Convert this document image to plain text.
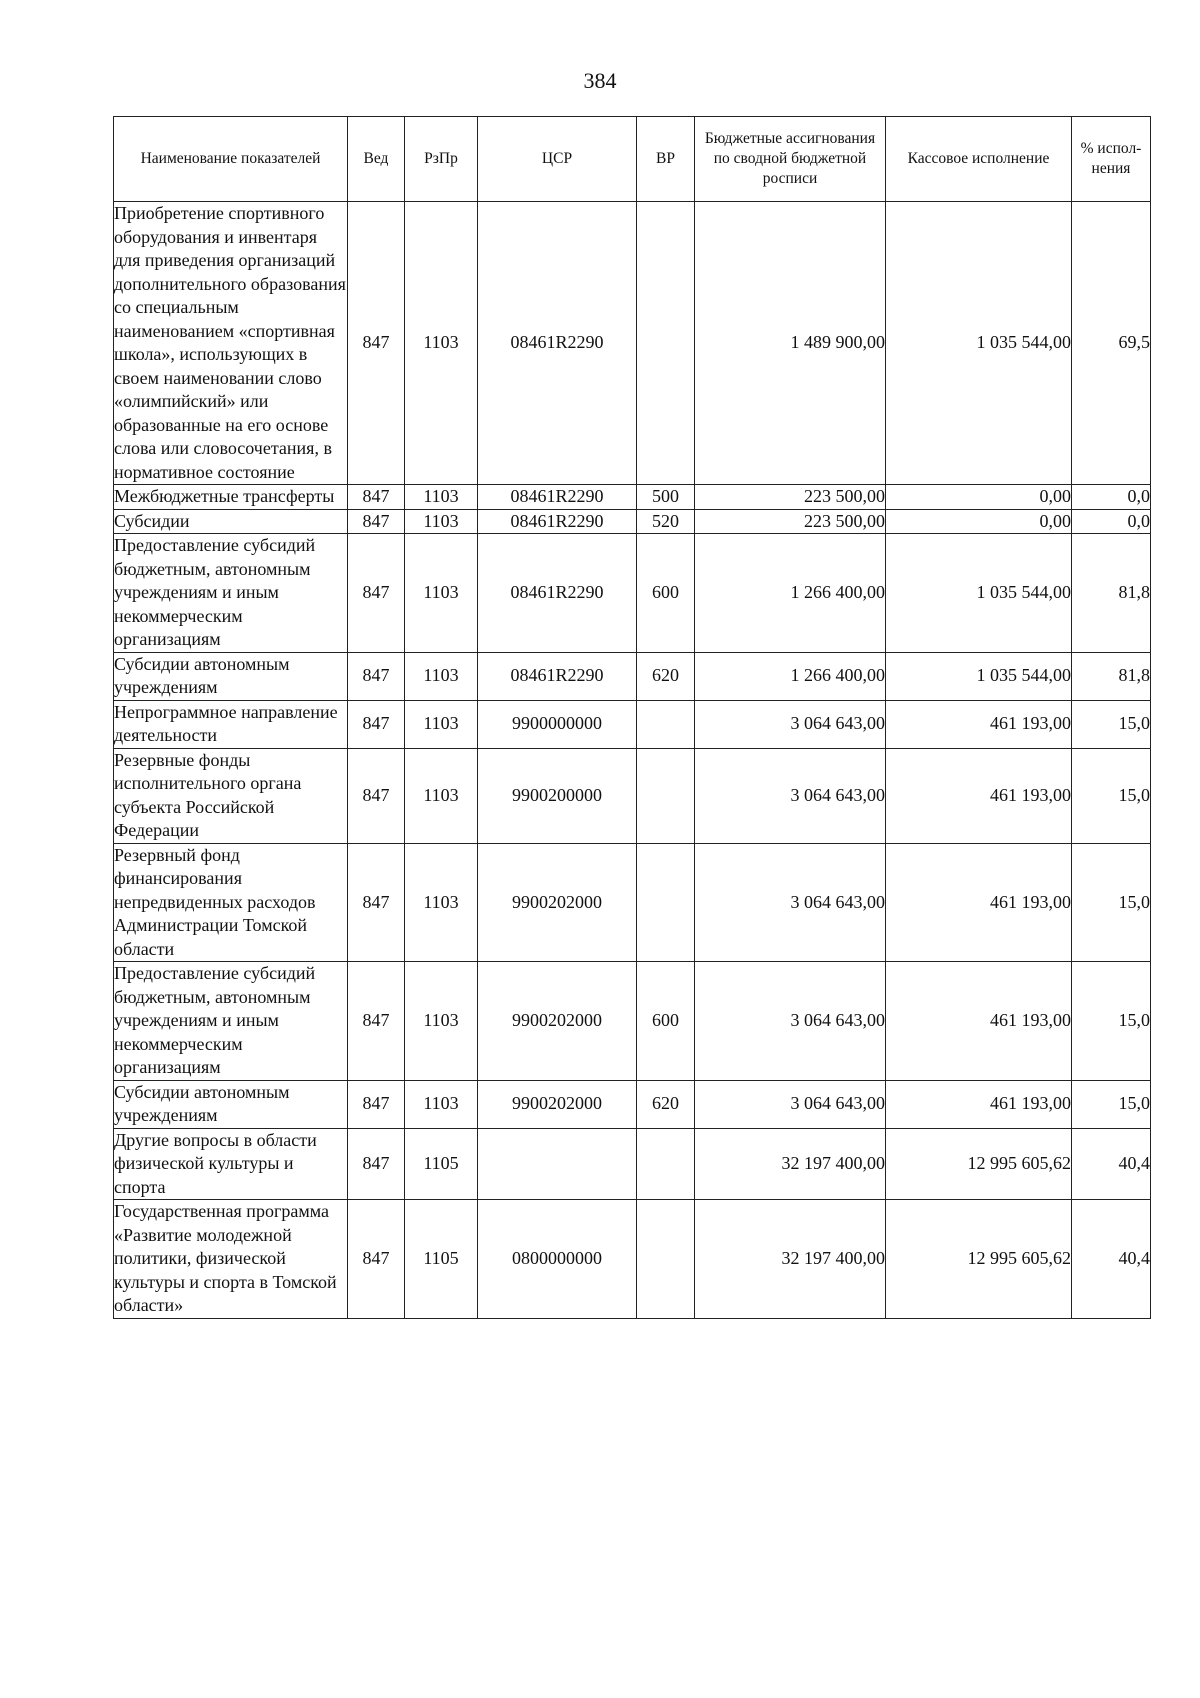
384
Наименование показателей	Вед	РзПр	ЦСР	ВР	Бюджетные ассигнования по сводной бюджетной росписи	Кассовое исполнение	% испол-нения
Приобретение спортивного оборудования и инвентаря для приведения организаций дополнительного образования со специальным наименованием «спортивная школа», использующих в своем наименовании слово «олимпийский» или образованные на его основе слова или словосочетания, в нормативное состояние	847	1103	08461R2290		1 489 900,00	1 035 544,00	69,5
Межбюджетные трансферты	847	1103	08461R2290	500	223 500,00	0,00	0,0
Субсидии	847	1103	08461R2290	520	223 500,00	0,00	0,0
Предоставление субсидий бюджетным, автономным учреждениям и иным некоммерческим организациям	847	1103	08461R2290	600	1 266 400,00	1 035 544,00	81,8
Субсидии автономным учреждениям	847	1103	08461R2290	620	1 266 400,00	1 035 544,00	81,8
Непрограммное направление деятельности	847	1103	9900000000		3 064 643,00	461 193,00	15,0
Резервные фонды исполнительного органа субъекта Российской Федерации	847	1103	9900200000		3 064 643,00	461 193,00	15,0
Резервный фонд финансирования непредвиденных расходов Администрации Томской области	847	1103	9900202000		3 064 643,00	461 193,00	15,0
Предоставление субсидий бюджетным, автономным учреждениям и иным некоммерческим организациям	847	1103	9900202000	600	3 064 643,00	461 193,00	15,0
Субсидии автономным учреждениям	847	1103	9900202000	620	3 064 643,00	461 193,00	15,0
Другие вопросы в области физической культуры и спорта	847	1105			32 197 400,00	12 995 605,62	40,4
Государственная программа «Развитие молодежной политики, физической культуры и спорта в Томской области»	847	1105	0800000000		32 197 400,00	12 995 605,62	40,4
